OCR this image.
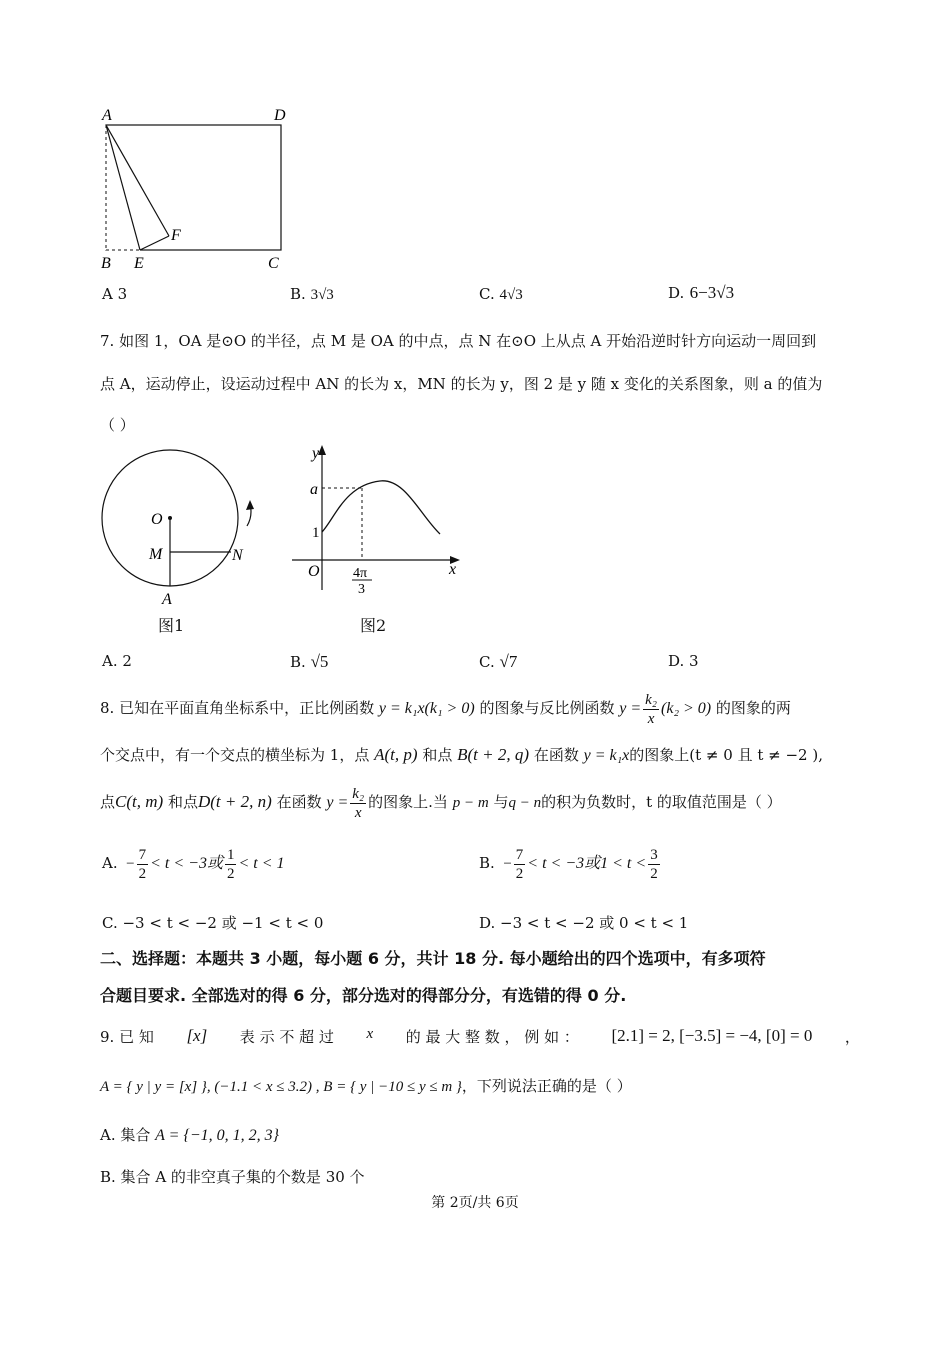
A	D
B E	C
F
A 3	B. 3√3	C. 4√3	D. 6−3√3
7. 如图 1，OA 是⊙O 的半径，点 M 是 OA 的中点，点 N 在⊙O 上从点 A 开始沿逆时针方向运动一周回到
点 A，运动停止，设运动过程中 AN 的长为 x，MN 的长为 y，图 2 是 y 随 x 变化的关系图象，则 a 的值为
（ ）
O
M	N
A
图1
y
a
1
O	x
4π
3
图2
A. 2	B. √5	C. √7	D. 3
8. 已知在平面直角坐标系中，正比例函数 y = k₁x(k₁ > 0) 的图象与反比例函数 $y = \frac{\text{k₂}}{x} (k_2 > 0)$ 的图象的两
个交点中，有一个交点的横坐标为 1，点 A(t, p) 和点 B(t + 2, q) 在函数 y = k₁x的图象上(t ≠ 0 且 t ≠ −2 ),
点C(t, m) 和点D(t + 2, n) 在函数 $y = \frac{\text{k₂}}{x}$ 的图象上.当 p − m 与q − n的积为负数时，t 的取值范围是（ ）
A.  − $\frac{7}{2} < t < -3$或 $\frac{1}{2} < t < 1$	B.  − $\frac{7}{2} < t < -3$或$1 < t < \frac{3}{2}$
C. −3 < t < −2 或 −1 < t < 0	D. −3 < t < −2 或 0 < t < 1
二、选择题：本题共 3 小题，每小题 6 分，共计 18 分. 每小题给出的四个选项中，有多项符
合题目要求. 全部选对的得 6 分，部分选对的得部分分，有选错的得 0 分.
9. 已 知 [x] 表 示 不 超 过 x 的 最 大 整 数 ， 例 如 ： [2.1] = 2, [−3.5] = −4, [0] = 0 ，
A = { y | y = [x] }, (−1.1 < x ≤ 3.2) , B = { y | −10 ≤ y ≤ m }，下列说法正确的是（ ）
A. 集合 A = {−1, 0, 1, 2, 3}
B. 集合 A 的非空真子集的个数是 30 个
第 2页/共 6页
